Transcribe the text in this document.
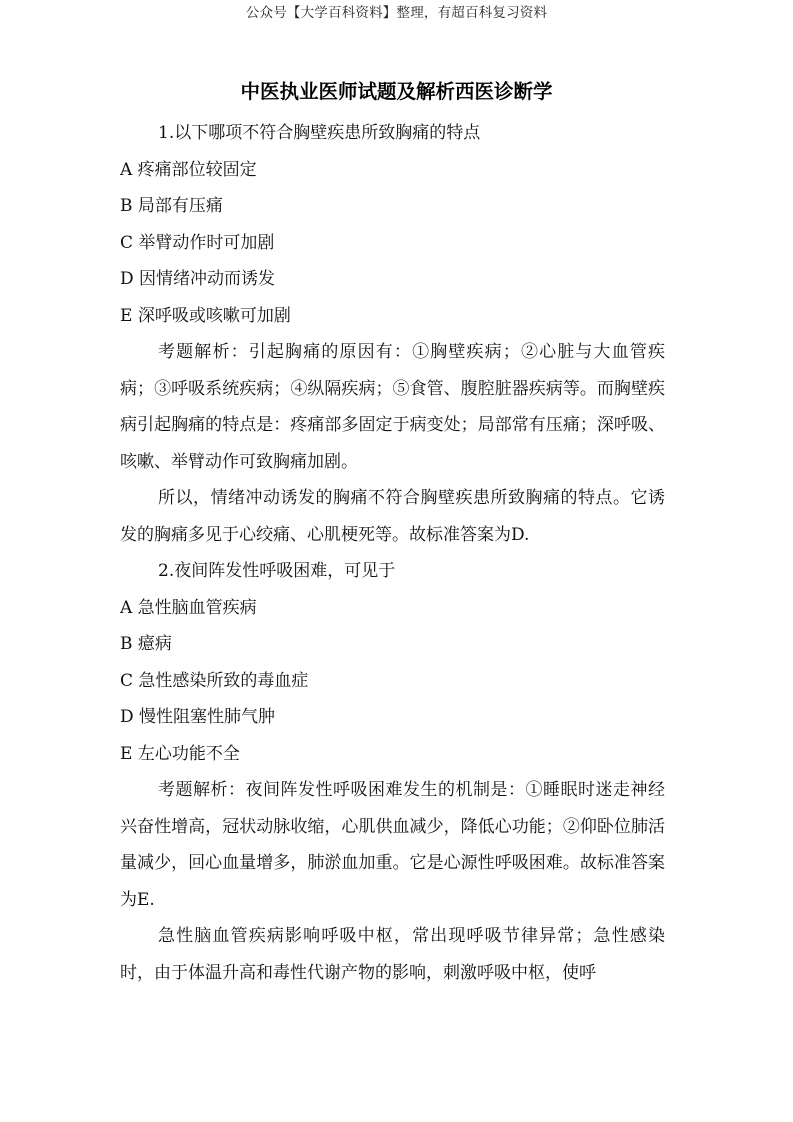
公众号【大学百科资料】整理，有超百科复习资料
中医执业医师试题及解析西医诊断学

1.以下哪项不符合胸壁疾患所致胸痛的特点

A 疼痛部位较固定

B 局部有压痛

C 举臂动作时可加剧

D 因情绪冲动而诱发

E 深呼吸或咳嗽可加剧

考题解析：引起胸痛的原因有：①胸壁疾病；②心脏与大血管疾病；③呼吸系统疾病；④纵隔疾病；⑤食管、腹腔脏器疾病等。而胸壁疾病引起胸痛的特点是：疼痛部多固定于病变处；局部常有压痛；深呼吸、咳嗽、举臂动作可致胸痛加剧。

所以，情绪冲动诱发的胸痛不符合胸壁疾患所致胸痛的特点。它诱发的胸痛多见于心绞痛、心肌梗死等。故标准答案为D.

2.夜间阵发性呼吸困难，可见于

A 急性脑血管疾病

B 癔病

C 急性感染所致的毒血症

D 慢性阻塞性肺气肿

E 左心功能不全

考题解析：夜间阵发性呼吸困难发生的机制是：①睡眠时迷走神经兴奋性增高，冠状动脉收缩，心肌供血减少，降低心功能；②仰卧位肺活量减少，回心血量增多，肺淤血加重。它是心源性呼吸困难。故标准答案为E.

急性脑血管疾病影响呼吸中枢，常出现呼吸节律异常；急性感染时，由于体温升高和毒性代谢产物的影响，刺激呼吸中枢，使呼
